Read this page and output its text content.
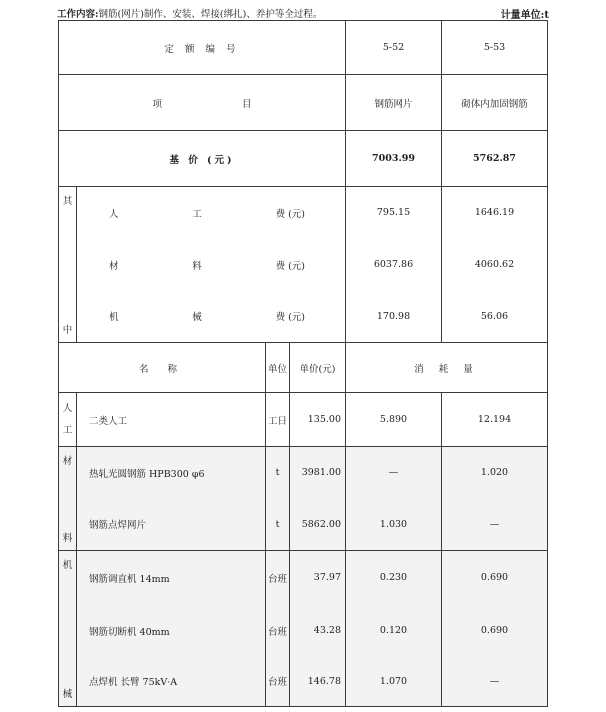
工作内容:钢筋(网片)制作、安装、焊接(绑扎)、养护等全过程。	计量单位:t
定 额 编 号				5-52	5-53
项 目				钢筋网片	砌体内加固钢筋
基 价 (元)				7003.99	5762.87
其	人 工 费 (元)			795.15	1646.19

	材 料 费 (元)			6037.86	4060.62
中	机 械 费 (元)			170.98	56.06
名 称		单位	单价(元)	消 耗 量	
人
工	二类人工	工日	135.00	5.890	12.194
材	热轧光圆钢筋 HPB300 φ6	t	3981.00	—	1.020
料	钢筋点焊网片	t	5862.00	1.030	—
机	钢筋调直机 14mm	台班	37.97	0.230	0.690
	钢筋切断机 40mm	台班	43.28	0.120	0.690
械	点焊机 长臂 75kV·A	台班	146.78	1.070	—
